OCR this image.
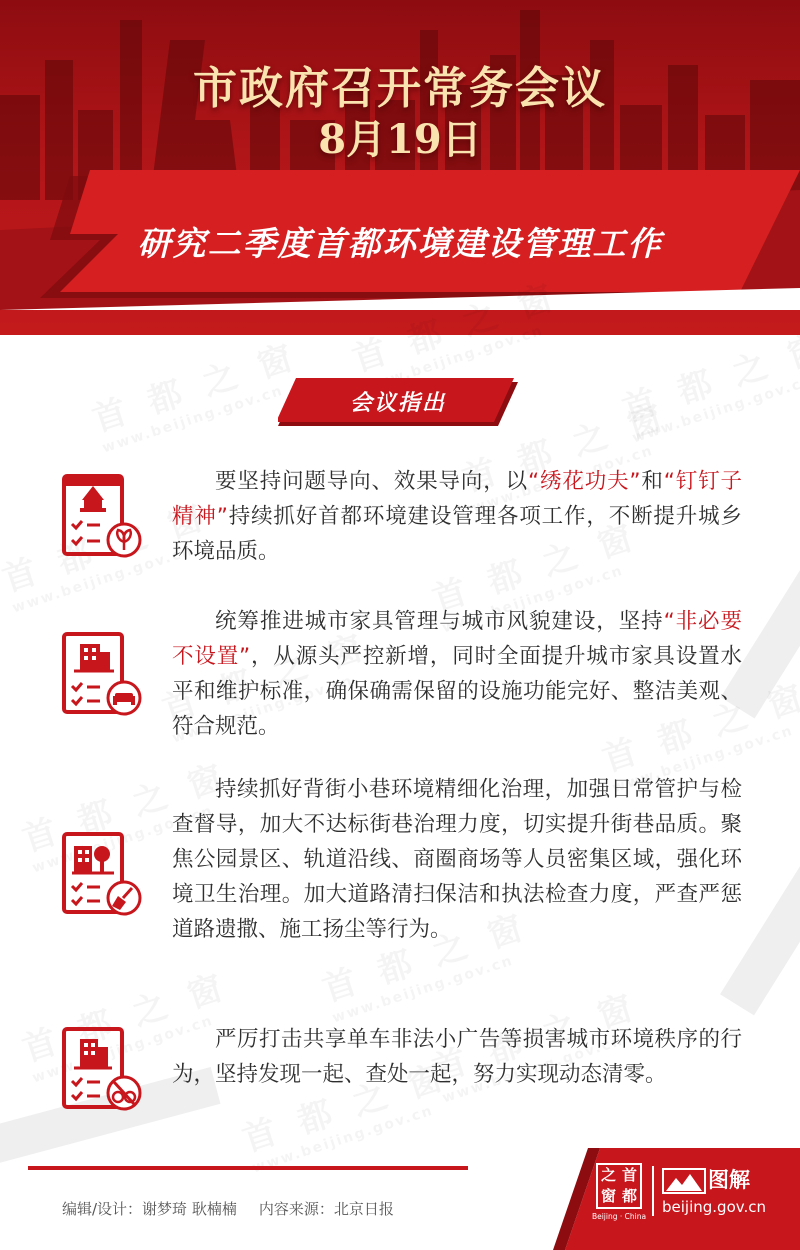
市政府召开常务会议
8月19日
研究二季度首都环境建设管理工作
会议指出
要坚持问题导向、效果导向，以“绣花功夫”和“钉钉子精神”持续抓好首都环境建设管理各项工作，不断提升城乡环境品质。
统筹推进城市家具管理与城市风貌建设，坚持“非必要不设置”，从源头严控新增，同时全面提升城市家具设置水平和维护标准，确保确需保留的设施功能完好、整洁美观、符合规范。
持续抓好背街小巷环境精细化治理，加强日常管护与检查督导，加大不达标街巷治理力度，切实提升街巷品质。聚焦公园景区、轨道沿线、商圈商场等人员密集区域，强化环境卫生治理。加大道路清扫保洁和执法检查力度，严查严惩道路遗撒、施工扬尘等行为。
严厉打击共享单车非法小广告等损害城市环境秩序的行为，坚持发现一起、查处一起，努力实现动态清零。
编辑/设计：谢梦琦 耿楠楠 内容来源：北京日报
之 首
窗 都
Beijing · China
图解
beijing.gov.cn
